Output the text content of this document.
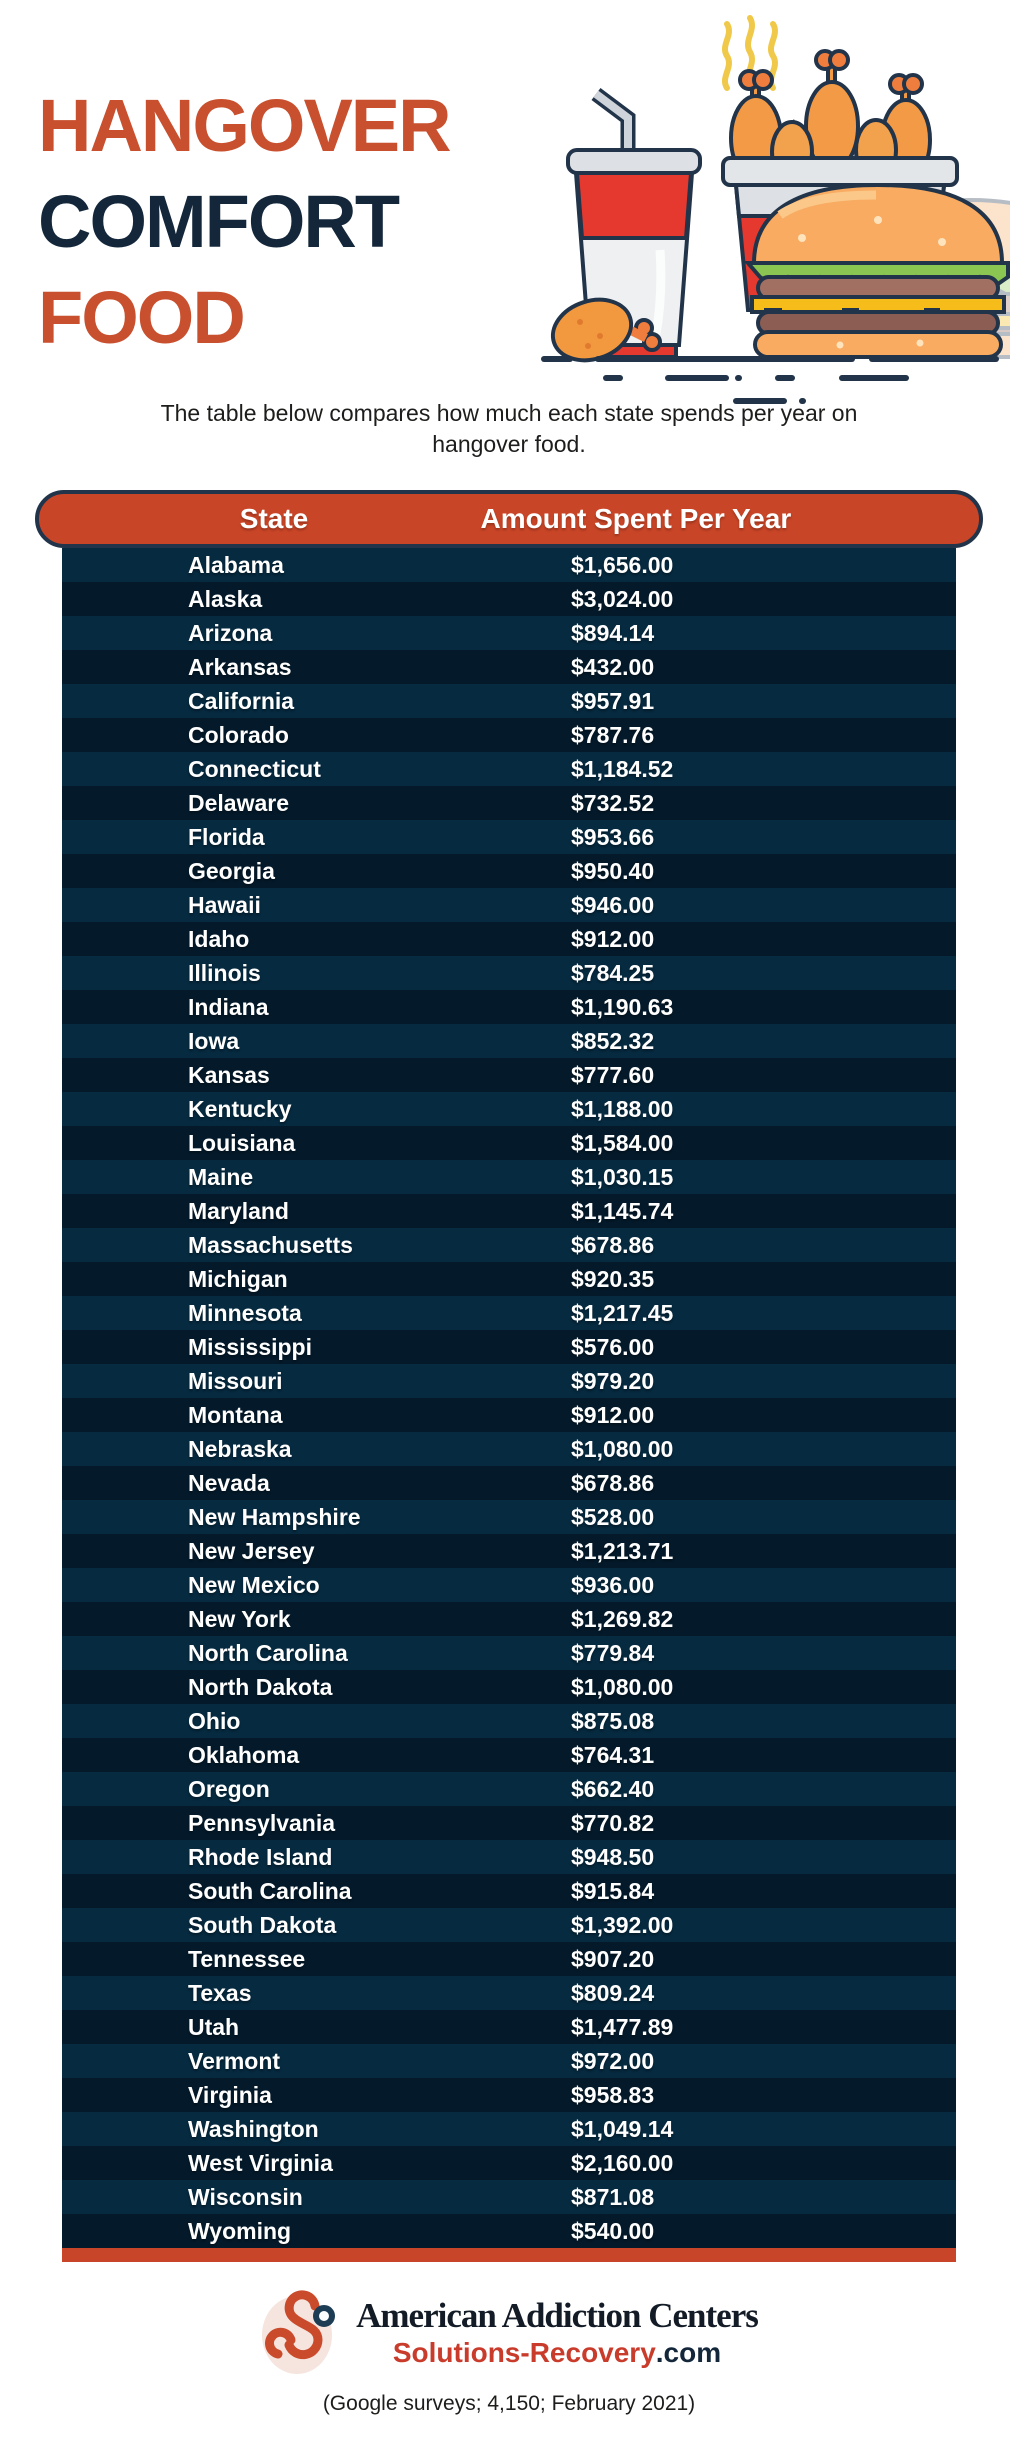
HANGOVER
COMFORT
FOOD
The table below compares how much each state spends per year on hangover food.
State	Amount Spent Per Year
Alabama	$1,656.00
Alaska	$3,024.00
Arizona	$894.14
Arkansas	$432.00
California	$957.91
Colorado	$787.76
Connecticut	$1,184.52
Delaware	$732.52
Florida	$953.66
Georgia	$950.40
Hawaii	$946.00
Idaho	$912.00
Illinois	$784.25
Indiana	$1,190.63
Iowa	$852.32
Kansas	$777.60
Kentucky	$1,188.00
Louisiana	$1,584.00
Maine	$1,030.15
Maryland	$1,145.74
Massachusetts	$678.86
Michigan	$920.35
Minnesota	$1,217.45
Mississippi	$576.00
Missouri	$979.20
Montana	$912.00
Nebraska	$1,080.00
Nevada	$678.86
New Hampshire	$528.00
New Jersey	$1,213.71
New Mexico	$936.00
New York	$1,269.82
North Carolina	$779.84
North Dakota	$1,080.00
Ohio	$875.08
Oklahoma	$764.31
Oregon	$662.40
Pennsylvania	$770.82
Rhode Island	$948.50
South Carolina	$915.84
South Dakota	$1,392.00
Tennessee	$907.20
Texas	$809.24
Utah	$1,477.89
Vermont	$972.00
Virginia	$958.83
Washington	$1,049.14
West Virginia	$2,160.00
Wisconsin	$871.08
Wyoming	$540.00
American Addiction Centers
Solutions-Recovery.com
(Google surveys; 4,150; February 2021)
